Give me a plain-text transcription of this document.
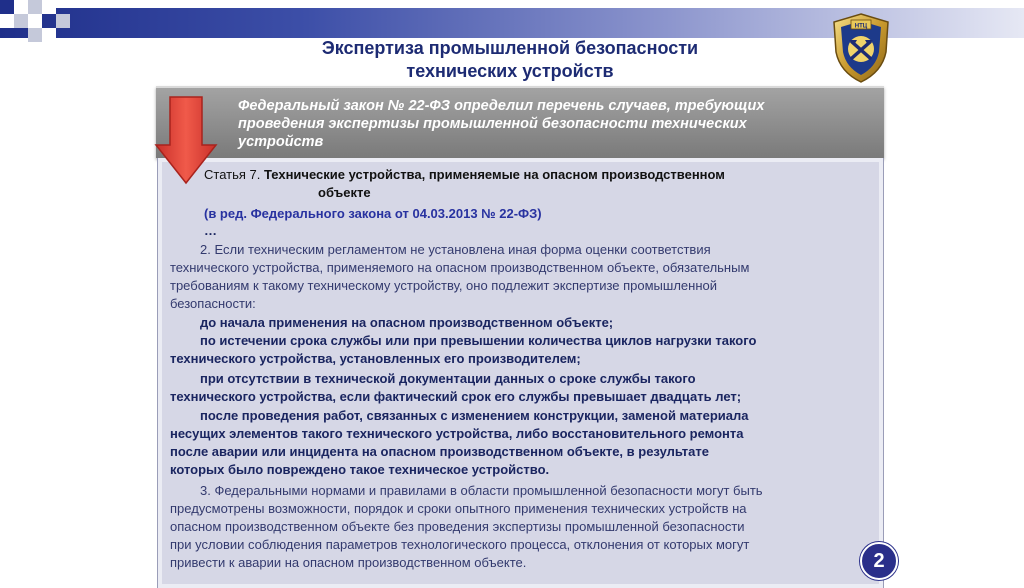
Экспертиза промышленной безопасности
технических устройств
НТЦ
Федеральный закон № 22-ФЗ определил перечень случаев, требующих
проведения экспертизы промышленной безопасности технических
устройств
Статья 7. Технические устройства, применяемые на опасном производственном
объекте
(в ред. Федерального закона от 04.03.2013 № 22-ФЗ)
…
2. Если техническим регламентом не установлена иная форма оценки соответствия
технического устройства, применяемого на опасном производственном объекте, обязательным
требованиям к такому техническому устройству, оно подлежит экспертизе промышленной
безопасности:
до начала применения на опасном производственном объекте;
по истечении срока службы или при превышении количества циклов нагрузки такого
технического устройства, установленных его производителем;
при отсутствии в технической документации данных о сроке службы такого
технического устройства, если фактический срок его службы превышает двадцать лет;
после проведения работ, связанных с изменением конструкции, заменой материала
несущих элементов такого технического устройства, либо восстановительного ремонта
после аварии или инцидента на опасном производственном объекте, в результате
которых было повреждено такое техническое устройство.
3. Федеральными нормами и правилами в области промышленной безопасности могут быть
предусмотрены возможности, порядок и сроки опытного применения технических устройств на
опасном производственном объекте без проведения экспертизы промышленной безопасности
при условии соблюдения параметров технологического процесса, отклонения от которых могут
привести к аварии на опасном производственном объекте.	2
